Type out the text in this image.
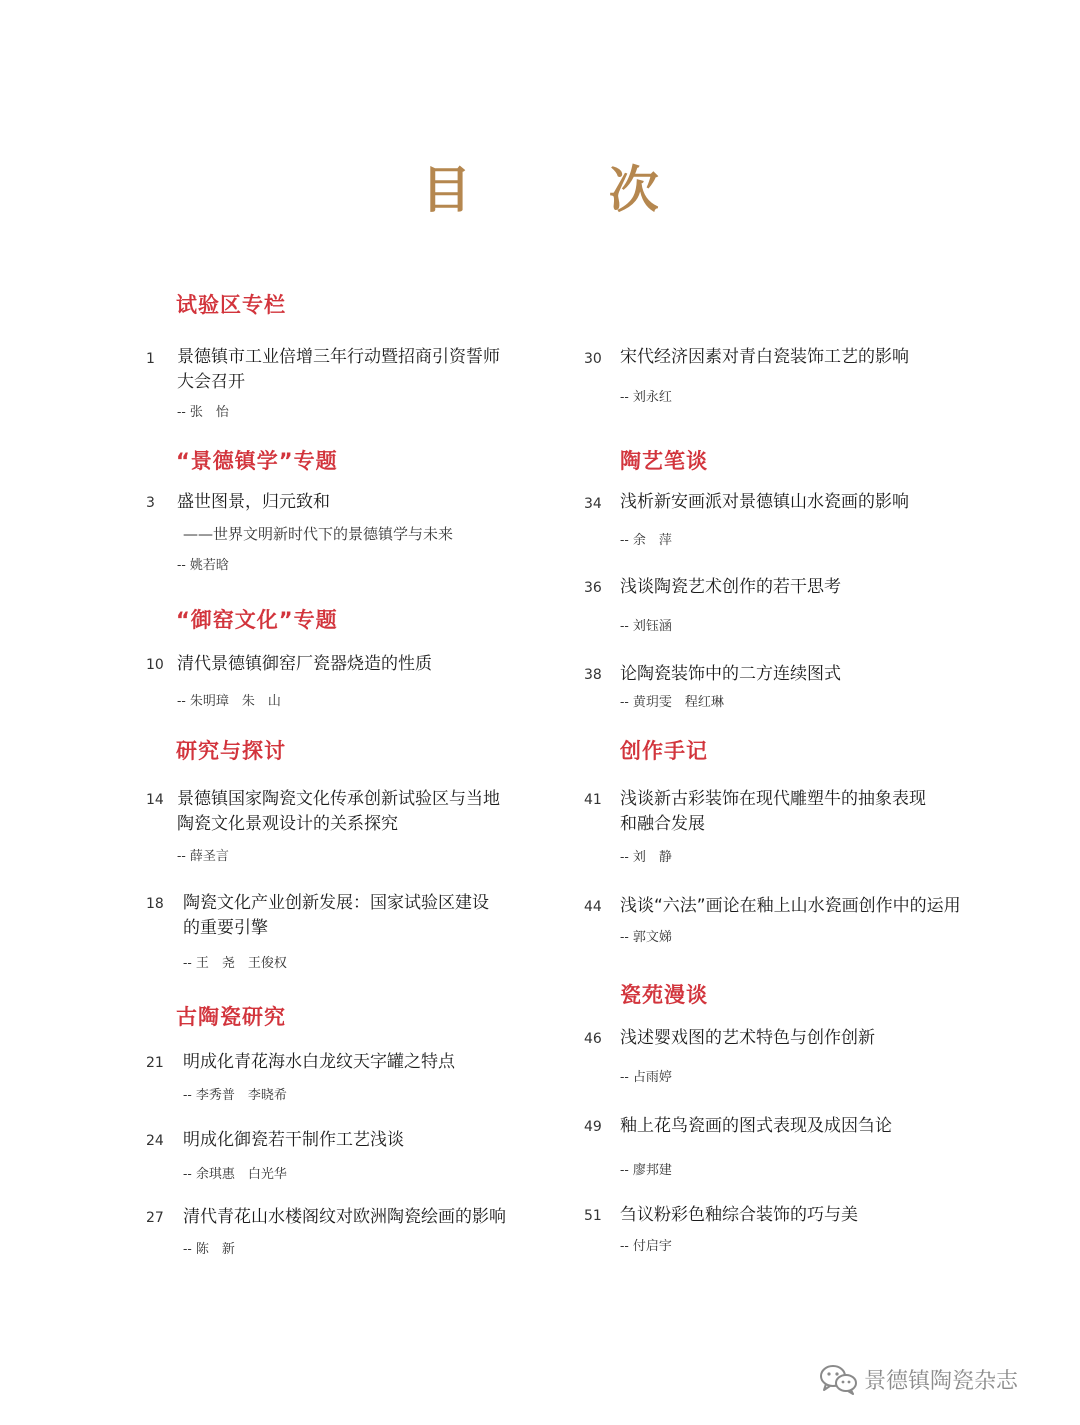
目 次
试验区专栏
1 景德镇市工业倍增三年行动暨招商引资誓师
大会召开
-- 张　怡
“景德镇学”专题
3 盛世图景，归元致和
——世界文明新时代下的景德镇学与未来
-- 姚若晗
“御窑文化”专题
10 清代景德镇御窑厂瓷器烧造的性质
-- 朱明璋　朱　山
研究与探讨
14 景德镇国家陶瓷文化传承创新试验区与当地
陶瓷文化景观设计的关系探究
-- 薛圣言
18 陶瓷文化产业创新发展：国家试验区建设
的重要引擎
-- 王　尧　王俊权
古陶瓷研究
21 明成化青花海水白龙纹天字罐之特点
-- 李秀普　李晓希
24 明成化御瓷若干制作工艺浅谈
-- 余琪惠　白光华
27 清代青花山水楼阁纹对欧洲陶瓷绘画的影响
-- 陈　新
30 宋代经济因素对青白瓷装饰工艺的影响
-- 刘永红
陶艺笔谈
34 浅析新安画派对景德镇山水瓷画的影响
-- 余　萍
36 浅谈陶瓷艺术创作的若干思考
-- 刘钰涵
38 论陶瓷装饰中的二方连续图式
-- 黄玥雯　程红琳
创作手记
41 浅谈新古彩装饰在现代雕塑牛的抽象表现
和融合发展
-- 刘　静
44 浅谈“六法”画论在釉上山水瓷画创作中的运用
-- 郭文娣
瓷苑漫谈
46 浅述婴戏图的艺术特色与创作创新
-- 占雨婷
49 釉上花鸟瓷画的图式表现及成因刍论
-- 廖邦建
51 刍议粉彩色釉综合装饰的巧与美
-- 付启宇
景德镇陶瓷杂志
